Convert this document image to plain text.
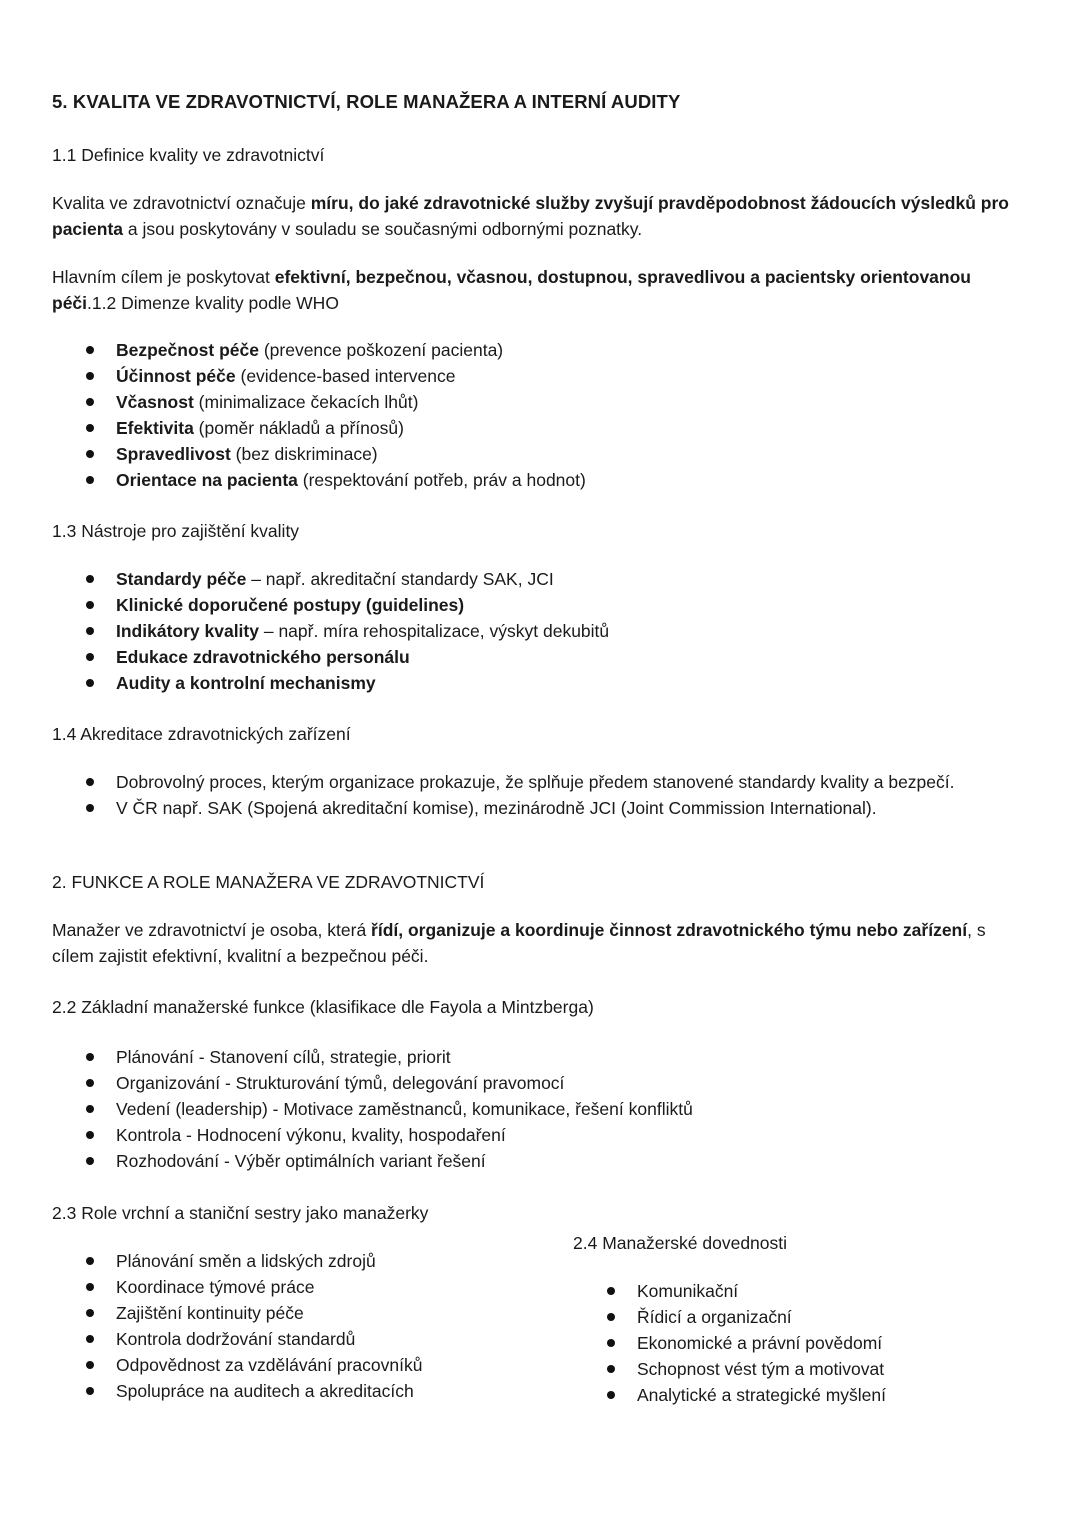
5. KVALITA VE ZDRAVOTNICTVÍ, ROLE MANAŽERA A INTERNÍ AUDITY
1.1 Definice kvality ve zdravotnictví

Kvalita ve zdravotnictví označuje míru, do jaké zdravotnické služby zvyšují pravděpodobnost žádoucích výsledků pro pacienta a jsou poskytovány v souladu se současnými odbornými poznatky.

Hlavním cílem je poskytovat efektivní, bezpečnou, včasnou, dostupnou, spravedlivou a pacientsky orientovanou péči.1.2 Dimenze kvality podle WHO

Bezpečnost péče (prevence poškození pacienta)
Účinnost péče (evidence-based intervence
Včasnost (minimalizace čekacích lhůt)
Efektivita (poměr nákladů a přínosů)
Spravedlivost (bez diskriminace)
Orientace na pacienta (respektování potřeb, práv a hodnot)
1.3 Nástroje pro zajištění kvality
Standardy péče – např. akreditační standardy SAK, JCI
Klinické doporučené postupy (guidelines)
Indikátory kvality – např. míra rehospitalizace, výskyt dekubitů
Edukace zdravotnického personálu
Audity a kontrolní mechanismy
1.4 Akreditace zdravotnických zařízení
Dobrovolný proces, kterým organizace prokazuje, že splňuje předem stanovené standardy kvality a bezpečí.
V ČR např. SAK (Spojená akreditační komise), mezinárodně JCI (Joint Commission International).
2. FUNKCE A ROLE MANAŽERA VE ZDRAVOTNICTVÍ

Manažer ve zdravotnictví je osoba, která řídí, organizuje a koordinuje činnost zdravotnického týmu nebo zařízení, s cílem zajistit efektivní, kvalitní a bezpečnou péči.

2.2 Základní manažerské funkce (klasifikace dle Fayola a Mintzberga)
Plánování - Stanovení cílů, strategie, priorit
Organizování - Strukturování týmů, delegování pravomocí
Vedení (leadership) - Motivace zaměstnanců, komunikace, řešení konfliktů
Kontrola - Hodnocení výkonu, kvality, hospodaření
Rozhodování - Výběr optimálních variant řešení
2.3 Role vrchní a staniční sestry jako manažerky
Plánování směn a lidských zdrojů
Koordinace týmové práce
Zajištění kontinuity péče
Kontrola dodržování standardů
Odpovědnost za vzdělávání pracovníků
Spolupráce na auditech a akreditacích
2.4 Manažerské dovednosti
Komunikační
Řídicí a organizační
Ekonomické a právní povědomí
Schopnost vést tým a motivovat
Analytické a strategické myšlení
